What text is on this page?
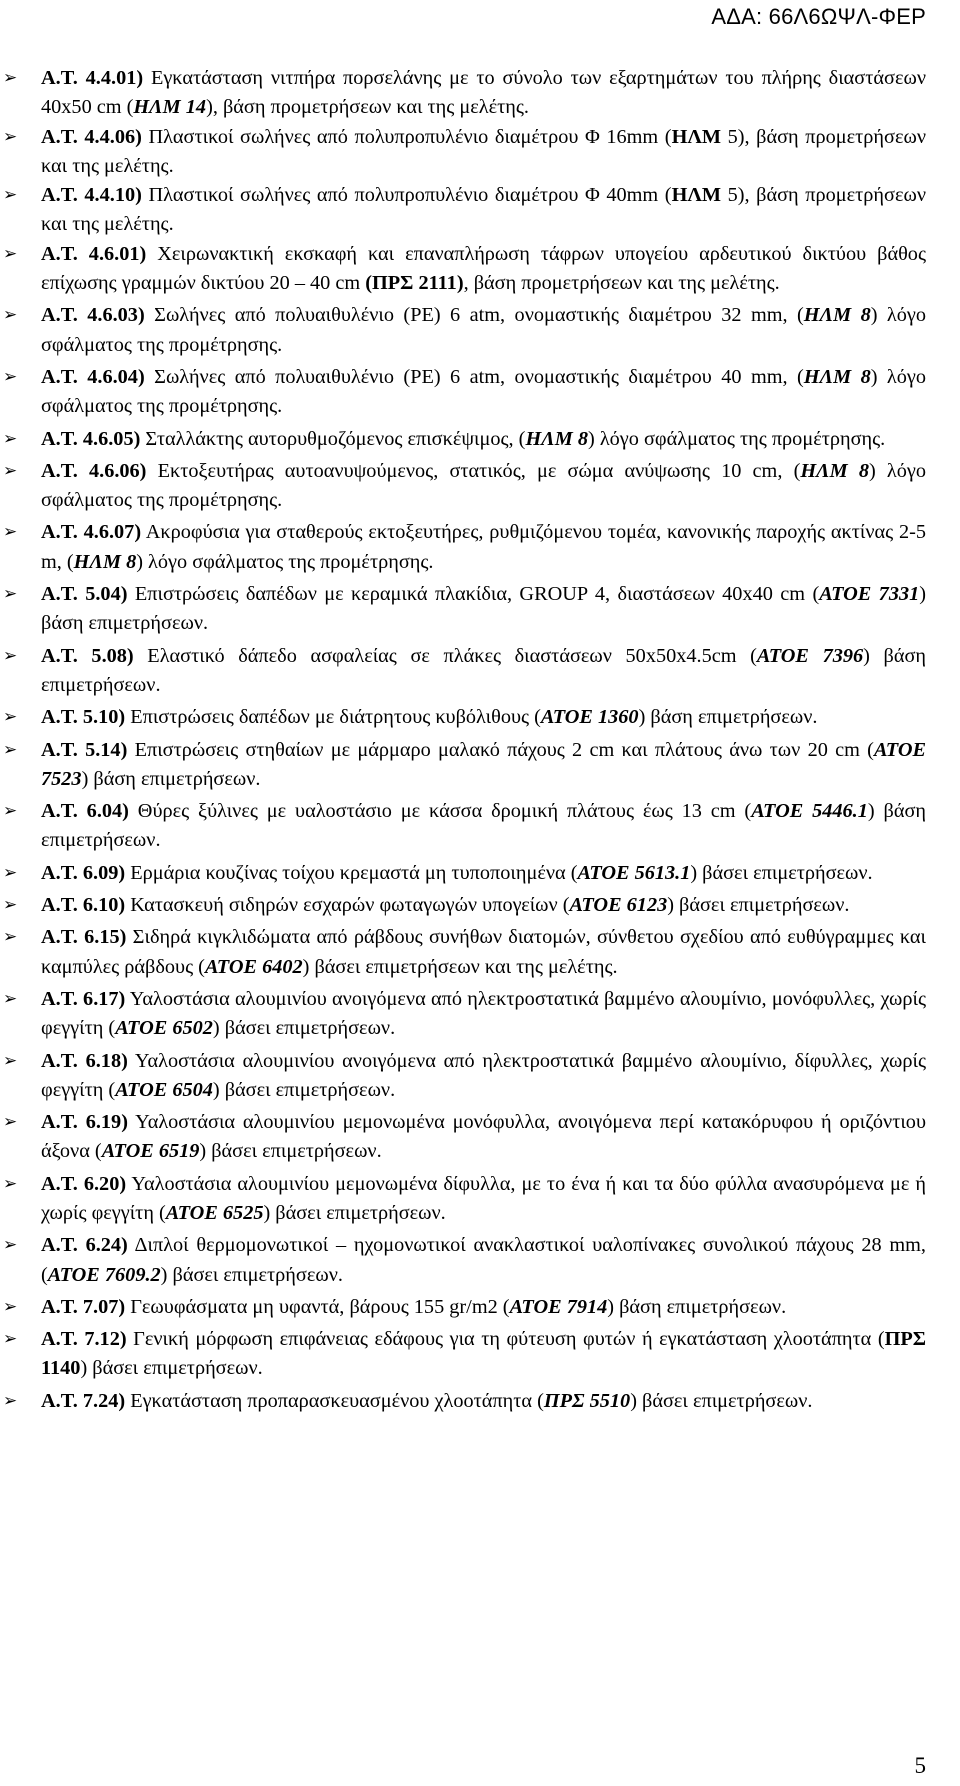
ΑΔΑ: 66Λ6ΩΨΛ-ΦΕΡ
➢ Α.Τ. 4.4.01) Εγκατάσταση νιτπήρα πορσελάνης με το σύνολο των εξαρτημάτων του πλήρης διαστάσεων 40x50 cm (ΗΛΜ 14), βάση προμετρήσεων και της μελέτης.
➢ Α.Τ. 4.4.06) Πλαστικοί σωλήνες από πολυπροπυλένιο διαμέτρου Φ 16mm (ΗΛΜ 5), βάση προμετρήσεων και της μελέτης.
➢ Α.Τ. 4.4.10) Πλαστικοί σωλήνες από πολυπροπυλένιο διαμέτρου Φ 40mm (ΗΛΜ 5), βάση προμετρήσεων και της μελέτης.
➢ Α.Τ. 4.6.01) Χειρωνακτική εκσκαφή και επαναπλήρωση τάφρων υπογείου αρδευτικού δικτύου βάθος επίχωσης γραμμών δικτύου 20 – 40 cm (ΠΡΣ 2111), βάση προμετρήσεων και της μελέτης.
➢ Α.Τ. 4.6.03) Σωλήνες από πολυαιθυλένιο (PE) 6 atm, ονομαστικής διαμέτρου 32 mm, (ΗΛΜ 8) λόγο σφάλματος της προμέτρησης.
➢ Α.Τ. 4.6.04) Σωλήνες από πολυαιθυλένιο (PE) 6 atm, ονομαστικής διαμέτρου 40 mm, (ΗΛΜ 8) λόγο σφάλματος της προμέτρησης.
➢ Α.Τ. 4.6.05) Σταλλάκτης αυτορυθμοζόμενος επισκέψιμος, (ΗΛΜ 8) λόγο σφάλματος της προμέτρησης.
➢ Α.Τ. 4.6.06) Εκτοξευτήρας αυτοανυψούμενος, στατικός, με σώμα ανύψωσης 10 cm, (ΗΛΜ 8) λόγο σφάλματος της προμέτρησης.
➢ Α.Τ. 4.6.07) Ακροφύσια για σταθερούς εκτοξευτήρες, ρυθμιζόμενου τομέα, κανονικής παροχής ακτίνας 2-5 m, (ΗΛΜ 8) λόγο σφάλματος της προμέτρησης.
➢ Α.Τ. 5.04) Επιστρώσεις δαπέδων με κεραμικά πλακίδια, GROUP 4, διαστάσεων 40x40 cm (ΑΤΟΕ 7331) βάση επιμετρήσεων.
➢ Α.Τ. 5.08) Ελαστικό δάπεδο ασφαλείας σε πλάκες διαστάσεων 50x50x4.5cm (ΑΤΟΕ 7396) βάση επιμετρήσεων.
➢ Α.Τ. 5.10) Επιστρώσεις δαπέδων με διάτρητους κυβόλιθους (ΑΤΟΕ 1360) βάση επιμετρήσεων.
➢ Α.Τ. 5.14) Επιστρώσεις στηθαίων με μάρμαρο μαλακό πάχους 2 cm και πλάτους άνω των 20 cm (ΑΤΟΕ 7523) βάση επιμετρήσεων.
➢ Α.Τ. 6.04) Θύρες ξύλινες με υαλοστάσιο με κάσσα δρομική πλάτους έως 13 cm (ΑΤΟΕ 5446.1) βάση επιμετρήσεων.
➢ Α.Τ. 6.09) Ερμάρια κουζίνας τοίχου κρεμαστά μη τυποποιημένα (ΑΤΟΕ 5613.1) βάσει επιμετρήσεων.
➢ Α.Τ. 6.10) Κατασκευή σιδηρών εσχαρών φωταγωγών υπογείων (ΑΤΟΕ 6123) βάσει επιμετρήσεων.
➢ Α.Τ. 6.15) Σιδηρά κιγκλιδώματα από ράβδους συνήθων διατομών, σύνθετου σχεδίου από ευθύγραμμες και καμπύλες ράβδους (ΑΤΟΕ 6402) βάσει επιμετρήσεων και της μελέτης.
➢ Α.Τ. 6.17) Υαλοστάσια αλουμινίου ανοιγόμενα από ηλεκτροστατικά βαμμένο αλουμίνιο, μονόφυλλες, χωρίς φεγγίτη (ΑΤΟΕ 6502) βάσει επιμετρήσεων.
➢ Α.Τ. 6.18) Υαλοστάσια αλουμινίου ανοιγόμενα από ηλεκτροστατικά βαμμένο αλουμίνιο, δίφυλλες, χωρίς φεγγίτη (ΑΤΟΕ 6504) βάσει επιμετρήσεων.
➢ Α.Τ. 6.19) Υαλοστάσια αλουμινίου μεμονωμένα μονόφυλλα, ανοιγόμενα περί κατακόρυφου ή οριζόντιου άξονα (ΑΤΟΕ 6519) βάσει επιμετρήσεων.
➢ Α.Τ. 6.20) Υαλοστάσια αλουμινίου μεμονωμένα δίφυλλα, με το ένα ή και τα δύο φύλλα ανασυρόμενα με ή χωρίς φεγγίτη (ΑΤΟΕ 6525) βάσει επιμετρήσεων.
➢ Α.Τ. 6.24) Διπλοί θερμομονωτικοί – ηχομονωτικοί ανακλαστικοί υαλοπίνακες συνολικού πάχους 28 mm, (ΑΤΟΕ 7609.2) βάσει επιμετρήσεων.
➢ Α.Τ. 7.07) Γεωυφάσματα μη υφαντά, βάρους 155 gr/m2 (ΑΤΟΕ 7914) βάση επιμετρήσεων.
➢ Α.Τ. 7.12) Γενική μόρφωση επιφάνειας εδάφους για τη φύτευση φυτών ή εγκατάσταση χλοοτάπητα (ΠΡΣ 1140) βάσει επιμετρήσεων.
➢ Α.Τ. 7.24) Εγκατάσταση προπαρασκευασμένου χλοοτάπητα (ΠΡΣ 5510) βάσει επιμετρήσεων.
5
